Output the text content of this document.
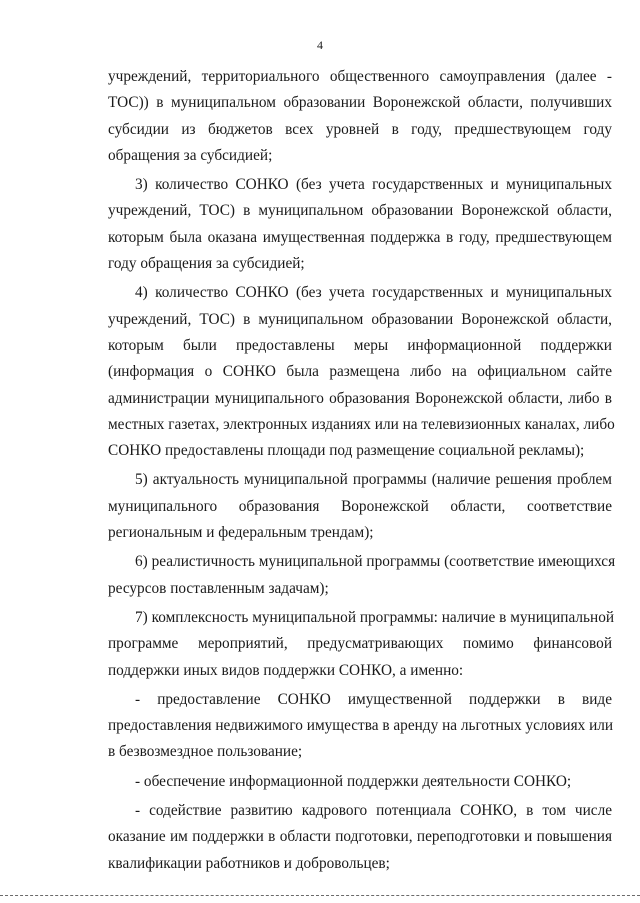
4
учреждений, территориального общественного самоуправления (далее -
ТОС)) в муниципальном образовании Воронежской области, получивших
субсидии из бюджетов всех уровней в году, предшествующем году
обращения за субсидией;
3) количество СОНКО (без учета государственных и муниципальных
учреждений, ТОС) в муниципальном образовании Воронежской области,
которым была оказана имущественная поддержка в году, предшествующем
году обращения за субсидией;
4) количество СОНКО (без учета государственных и муниципальных
учреждений, ТОС) в муниципальном образовании Воронежской области,
которым были предоставлены меры информационной поддержки
(информация о СОНКО была размещена либо на официальном сайте
администрации муниципального образования Воронежской области, либо в
местных газетах, электронных изданиях или на телевизионных каналах, либо
СОНКО предоставлены площади под размещение социальной рекламы);
5) актуальность муниципальной программы (наличие решения проблем
муниципального образования Воронежской области, соответствие
региональным и федеральным трендам);
6) реалистичность муниципальной программы (соответствие имеющихся
ресурсов поставленным задачам);
7) комплексность муниципальной программы: наличие в муниципальной
программе мероприятий, предусматривающих помимо финансовой
поддержки иных видов поддержки СОНКО, а именно:
- предоставление СОНКО имущественной поддержки в виде
предоставления недвижимого имущества в аренду на льготных условиях или
в безвозмездное пользование;
- обеспечение информационной поддержки деятельности СОНКО;
- содействие развитию кадрового потенциала СОНКО, в том числе
оказание им поддержки в области подготовки, переподготовки и повышения
квалификации работников и добровольцев;
